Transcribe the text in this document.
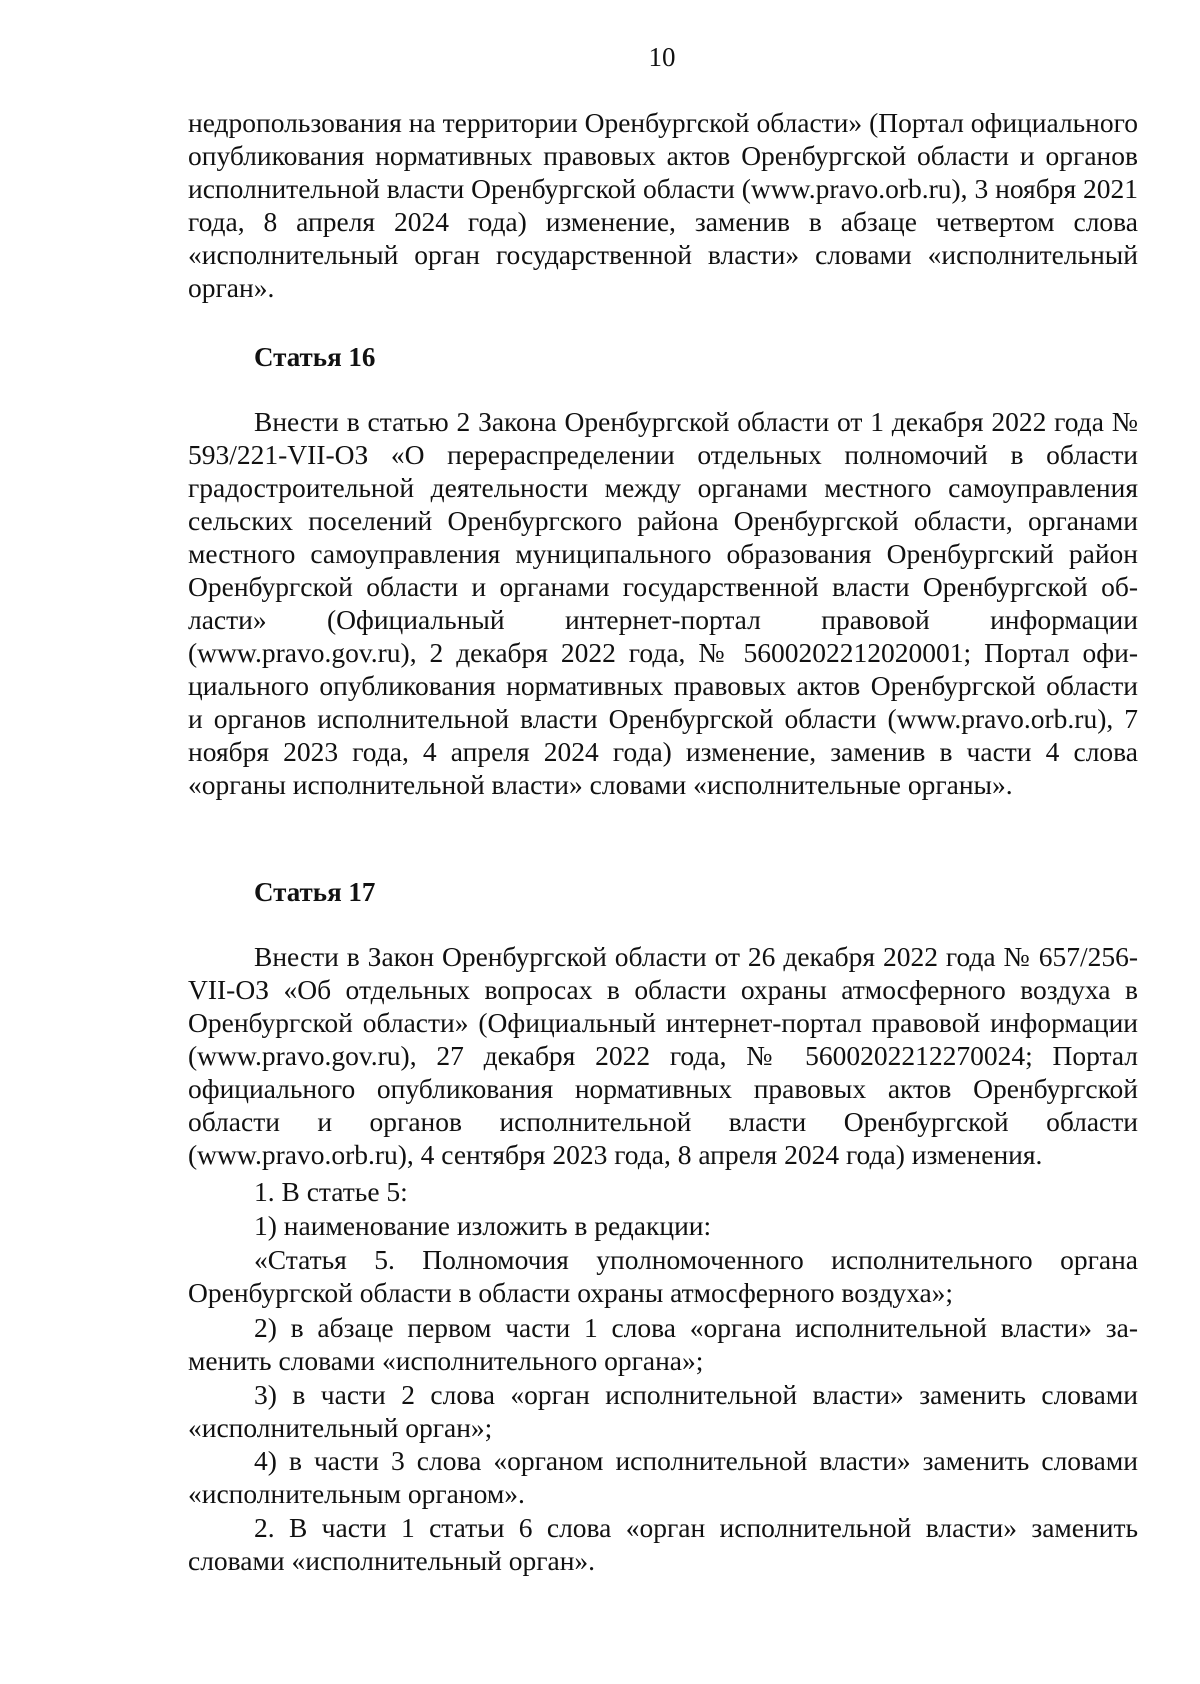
10

недропользования на территории Оренбургской области» (Портал официального опубликования нормативных правовых актов Оренбургской области и органов исполнительной власти Оренбургской области (www.pravo.orb.ru), 3 ноября 2021 года, 8 апреля 2024 года) изменение, заменив в абзаце четвертом слова «исполнительный орган государственной власти» словами «исполнительный орган».

Статья 16

Внести в статью 2 Закона Оренбургской области от 1 декабря 2022 года № 593/221-VII-ОЗ «О перераспределении отдельных полномочий в области градостроительной деятельности между органами местного самоуправления сельских поселений Оренбургского района Оренбургской области, органами местного самоуправления муниципального образования Оренбургский район Оренбургской области и органами государственной власти Оренбургской области» (Официальный интернет-портал правовой информации (www.pravo.gov.ru), 2 декабря 2022 года, № 5600202212020001; Портал официального опубликования нормативных правовых актов Оренбургской области и органов исполнительной власти Оренбургской области (www.pravo.orb.ru), 7 ноября 2023 года, 4 апреля 2024 года) изменение, заменив в части 4 слова «органы исполнительной власти» словами «исполнительные органы».

Статья 17

Внести в Закон Оренбургской области от 26 декабря 2022 года № 657/256-VII-ОЗ «Об отдельных вопросах в области охраны атмосферного воздуха в Оренбургской области» (Официальный интернет-портал правовой информации (www.pravo.gov.ru), 27 декабря 2022 года, № 5600202212270024; Портал официального опубликования нормативных правовых актов Оренбургской области и органов исполнительной власти Оренбургской области (www.pravo.orb.ru), 4 сентября 2023 года, 8 апреля 2024 года) изменения.

1. В статье 5:

1) наименование изложить в редакции:

«Статья 5. Полномочия уполномоченного исполнительного органа Оренбургской области в области охраны атмосферного воздуха»;

2) в абзаце первом части 1 слова «органа исполнительной власти» заменить словами «исполнительного органа»;

3) в части 2 слова «орган исполнительной власти» заменить словами «исполнительный орган»;

4) в части 3 слова «органом исполнительной власти» заменить словами «исполнительным органом».

2. В части 1 статьи 6 слова «орган исполнительной власти» заменить словами «исполнительный орган».
